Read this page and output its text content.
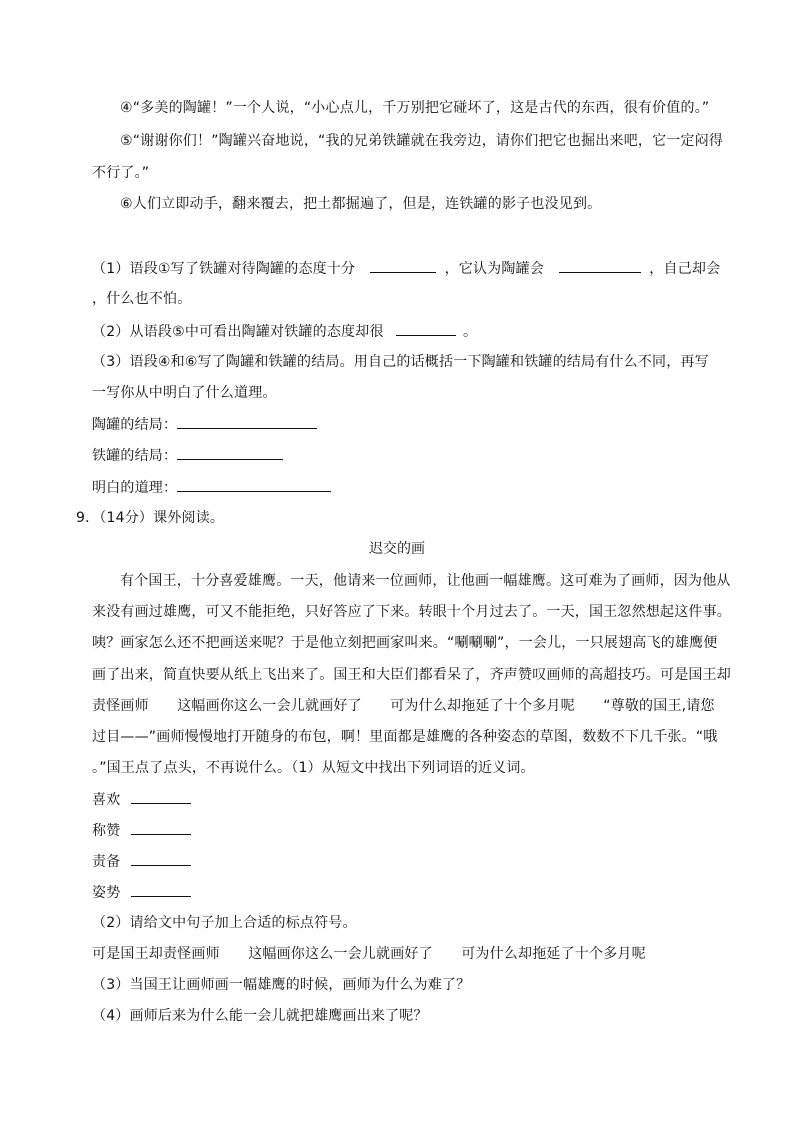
④“多美的陶罐！”一个人说，“小心点儿，千万别把它碰坏了，这是古代的东西，很有价值的。”
⑤“谢谢你们！”陶罐兴奋地说，“我的兄弟铁罐就在我旁边，请你们把它也掘出来吧，它一定闷得
不行了。”
⑥人们立即动手，翻来覆去，把土都掘遍了，但是，连铁罐的影子也没见到。
（1）语段①写了铁罐对待陶罐的态度十分	，它认为陶罐会	，自己却会
，什么也不怕。
（2）从语段⑤中可看出陶罐对铁罐的态度却很	。
（3）语段④和⑥写了陶罐和铁罐的结局。用自己的话概括一下陶罐和铁罐的结局有什么不同，再写
一写你从中明白了什么道理。
陶罐的结局：
铁罐的结局：
明白的道理：
9．（14分）课外阅读。
迟交的画
有个国王，十分喜爱雄鹰。一天，他请来一位画师，让他画一幅雄鹰。这可难为了画师，因为他从
来没有画过雄鹰，可又不能拒绝，只好答应了下来。转眼十个月过去了。一天，国王忽然想起这件事。
咦？画家怎么还不把画送来呢？于是他立刻把画家叫来。“唰唰唰”，一会儿，一只展翅高飞的雄鹰便
画了出来，简直快要从纸上飞出来了。国王和大臣们都看呆了，齐声赞叹画师的高超技巧。可是国王却
责怪画师　　这幅画你这么一会儿就画好了　　可为什么却拖延了十个多月呢　　“尊敬的国王,请您
过目——”画师慢慢地打开随身的布包，啊！里面都是雄鹰的各种姿态的草图，数数不下几千张。“哦
。”国王点了点头，不再说什么。（1）从短文中找出下列词语的近义词。
喜欢
称赞
责备
姿势
（2）请给文中句子加上合适的标点符号。
可是国王却责怪画师　　这幅画你这么一会儿就画好了　　可为什么却拖延了十个多月呢
（3）当国王让画师画一幅雄鹰的时候，画师为什么为难了？
（4）画师后来为什么能一会儿就把雄鹰画出来了呢？
